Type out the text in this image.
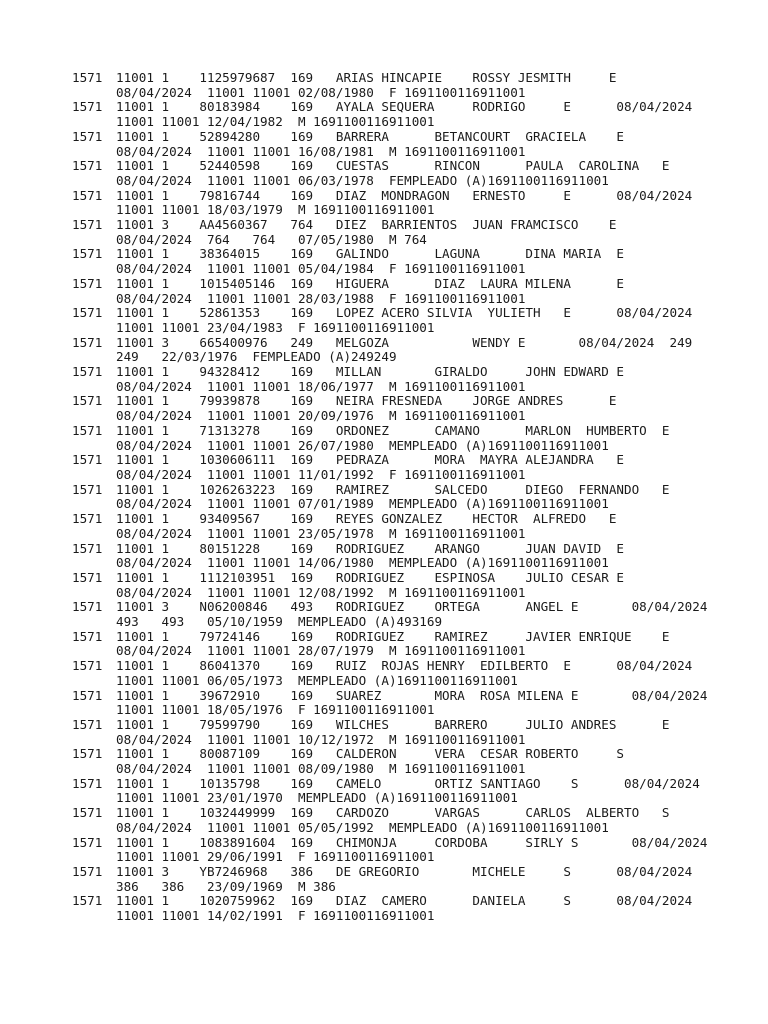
1571	11001 1    1125979687  169   ARIAS HINCAPIE    ROSSY JESMITH     E
08/04/2024  11001 11001 02/08/1980  F 1691100116911001
1571	11001 1    80183984    169   AYALA SEQUERA     RODRIGO     E      08/04/2024
11001 11001 12/04/1982  M 1691100116911001
1571	11001 1    52894280    169   BARRERA      BETANCOURT  GRACIELA    E
08/04/2024  11001 11001 16/08/1981  M 1691100116911001
1571	11001 1    52440598    169   CUESTAS      RINCON      PAULA  CAROLINA   E
08/04/2024  11001 11001 06/03/1978  FEMPLEADO (A)1691100116911001
1571	11001 1    79816744    169   DIAZ  MONDRAGON   ERNESTO     E      08/04/2024
11001 11001 18/03/1979  M 1691100116911001
1571	11001 3    AA4560367   764   DIEZ  BARRIENTOS  JUAN FRAMCISCO    E
08/04/2024  764   764   07/05/1980  M 764
1571	11001 1    38364015    169   GALINDO      LAGUNA      DINA MARIA  E
08/04/2024  11001 11001 05/04/1984  F 1691100116911001
1571	11001 1    1015405146  169   HIGUERA      DIAZ  LAURA MILENA      E
08/04/2024  11001 11001 28/03/1988  F 1691100116911001
1571	11001 1    52861353    169   LOPEZ ACERO SILVIA  YULIETH   E      08/04/2024
11001 11001 23/04/1983  F 1691100116911001
1571	11001 3    665400976   249   MELGOZA           WENDY E       08/04/2024  249
249   22/03/1976  FEMPLEADO (A)249249
1571	11001 1    94328412    169   MILLAN       GIRALDO     JOHN EDWARD E
08/04/2024  11001 11001 18/06/1977  M 1691100116911001
1571	11001 1    79939878    169   NEIRA FRESNEDA    JORGE ANDRES      E
08/04/2024  11001 11001 20/09/1976  M 1691100116911001
1571	11001 1    71313278    169   ORDONEZ      CAMANO      MARLON  HUMBERTO  E
08/04/2024  11001 11001 26/07/1980  MEMPLEADO (A)1691100116911001
1571	11001 1    1030606111  169   PEDRAZA      MORA  MAYRA ALEJANDRA   E
08/04/2024  11001 11001 11/01/1992  F 1691100116911001
1571	11001 1    1026263223  169   RAMIREZ      SALCEDO     DIEGO  FERNANDO   E
08/04/2024  11001 11001 07/01/1989  MEMPLEADO (A)1691100116911001
1571	11001 1    93409567    169   REYES GONZALEZ    HECTOR  ALFREDO   E
08/04/2024  11001 11001 23/05/1978  M 1691100116911001
1571	11001 1    80151228    169   RODRIGUEZ    ARANGO      JUAN DAVID  E
08/04/2024  11001 11001 14/06/1980  MEMPLEADO (A)1691100116911001
1571	11001 1    1112103951  169   RODRIGUEZ    ESPINOSA    JULIO CESAR E
08/04/2024  11001 11001 12/08/1992  M 1691100116911001
1571	11001 3    N06200846   493   RODRIGUEZ    ORTEGA      ANGEL E       08/04/2024
493   493   05/10/1959  MEMPLEADO (A)493169
1571	11001 1    79724146    169   RODRIGUEZ    RAMIREZ     JAVIER ENRIQUE    E
08/04/2024  11001 11001 28/07/1979  M 1691100116911001
1571	11001 1    86041370    169   RUIZ  ROJAS HENRY  EDILBERTO  E      08/04/2024
11001 11001 06/05/1973  MEMPLEADO (A)1691100116911001
1571	11001 1    39672910    169   SUAREZ       MORA  ROSA MILENA E       08/04/2024
11001 11001 18/05/1976  F 1691100116911001
1571	11001 1    79599790    169   WILCHES      BARRERO     JULIO ANDRES      E
08/04/2024  11001 11001 10/12/1972  M 1691100116911001
1571	11001 1    80087109    169   CALDERON     VERA  CESAR ROBERTO     S
08/04/2024  11001 11001 08/09/1980  M 1691100116911001
1571	11001 1    10135798    169   CAMELO       ORTIZ SANTIAGO    S      08/04/2024
11001 11001 23/01/1970  MEMPLEADO (A)1691100116911001
1571	11001 1    1032449999  169   CARDOZO      VARGAS      CARLOS  ALBERTO   S
08/04/2024  11001 11001 05/05/1992  MEMPLEADO (A)1691100116911001
1571	11001 1    1083891604  169   CHIMONJA     CORDOBA     SIRLY S       08/04/2024
11001 11001 29/06/1991  F 1691100116911001
1571	11001 3    YB7246968   386   DE GREGORIO       MICHELE     S      08/04/2024
386   386   23/09/1969  M 386
1571	11001 1    1020759962  169   DIAZ  CAMERO      DANIELA     S      08/04/2024
11001 11001 14/02/1991  F 1691100116911001
